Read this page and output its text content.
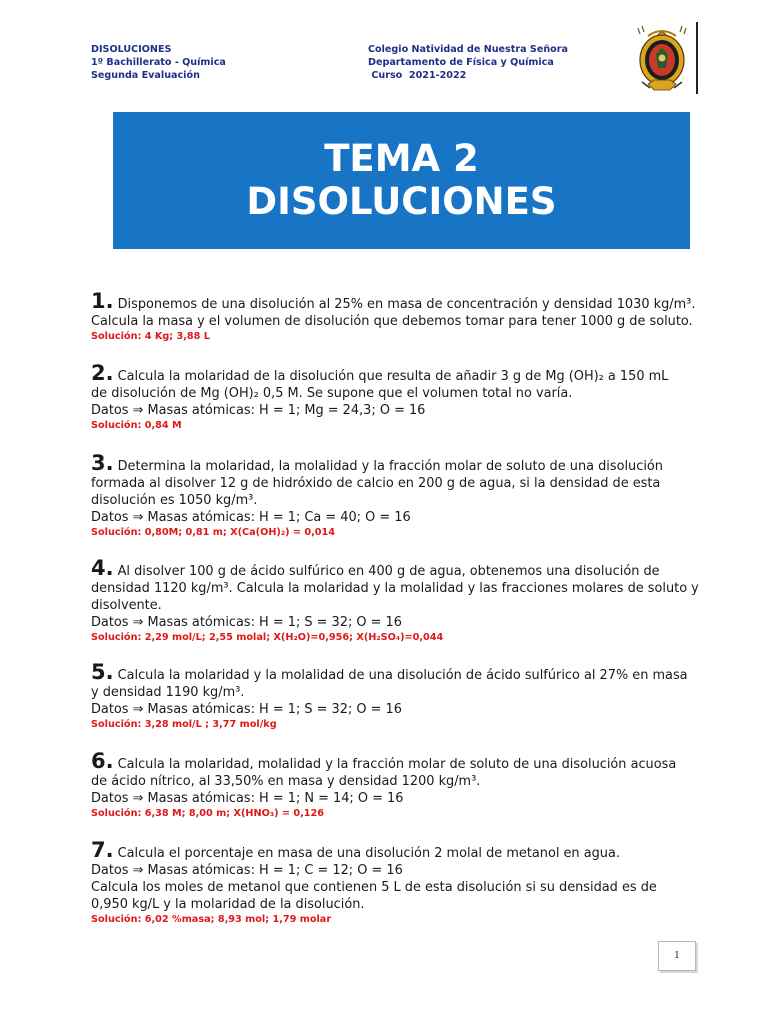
DISOLUCIONES
1º Bachillerato - Química
Segunda Evaluación
Colegio Natividad de Nuestra Señora
Departamento de Física y Química
Curso  2021-2022
TEMA 2
DISOLUCIONES
1. Disponemos de una disolución al 25% en masa de concentración y densidad 1030 kg/m³.
Calcula la masa y el volumen de disolución que debemos tomar para tener 1000 g de soluto.
Solución: 4 Kg; 3,88 L
2. Calcula la molaridad de la disolución que resulta de añadir 3 g de Mg (OH)₂ a 150 mL
de disolución de Mg (OH)₂ 0,5 M. Se supone que el volumen total no varía.
Datos ⇒ Masas atómicas: H = 1; Mg = 24,3; O = 16
Solución: 0,84 M
3. Determina la molaridad, la molalidad y la fracción molar de soluto de una disolución
formada al disolver 12 g de hidróxido de calcio en 200 g de agua, si la densidad de esta
disolución es 1050 kg/m³.
Datos ⇒ Masas atómicas: H = 1; Ca = 40; O = 16
Solución: 0,80M; 0,81 m; X(Ca(OH)₂) = 0,014
4. Al disolver 100 g de ácido sulfúrico en 400 g de agua, obtenemos una disolución de
densidad 1120 kg/m³. Calcula la molaridad y la molalidad y las fracciones molares de soluto y
disolvente.
Datos ⇒ Masas atómicas: H = 1; S = 32; O = 16
Solución: 2,29 mol/L; 2,55 molal; X(H₂O)=0,956; X(H₂SO₄)=0,044
5. Calcula la molaridad y la molalidad de una disolución de ácido sulfúrico al 27% en masa
y densidad 1190 kg/m³.
Datos ⇒ Masas atómicas: H = 1; S = 32; O = 16
Solución: 3,28 mol/L ; 3,77 mol/kg
6. Calcula la molaridad, molalidad y la fracción molar de soluto de una disolución acuosa
de ácido nítrico, al 33,50% en masa y densidad 1200 kg/m³.
Datos ⇒ Masas atómicas: H = 1; N = 14; O = 16
Solución: 6,38 M; 8,00 m; X(HNO₃) = 0,126
7. Calcula el porcentaje en masa de una disolución 2 molal de metanol en agua.
Datos ⇒ Masas atómicas: H = 1; C = 12; O = 16
Calcula los moles de metanol que contienen 5 L de esta disolución si su densidad es de
0,950 kg/L y la molaridad de la disolución.
Solución: 6,02 %masa; 8,93 mol; 1,79 molar
1
